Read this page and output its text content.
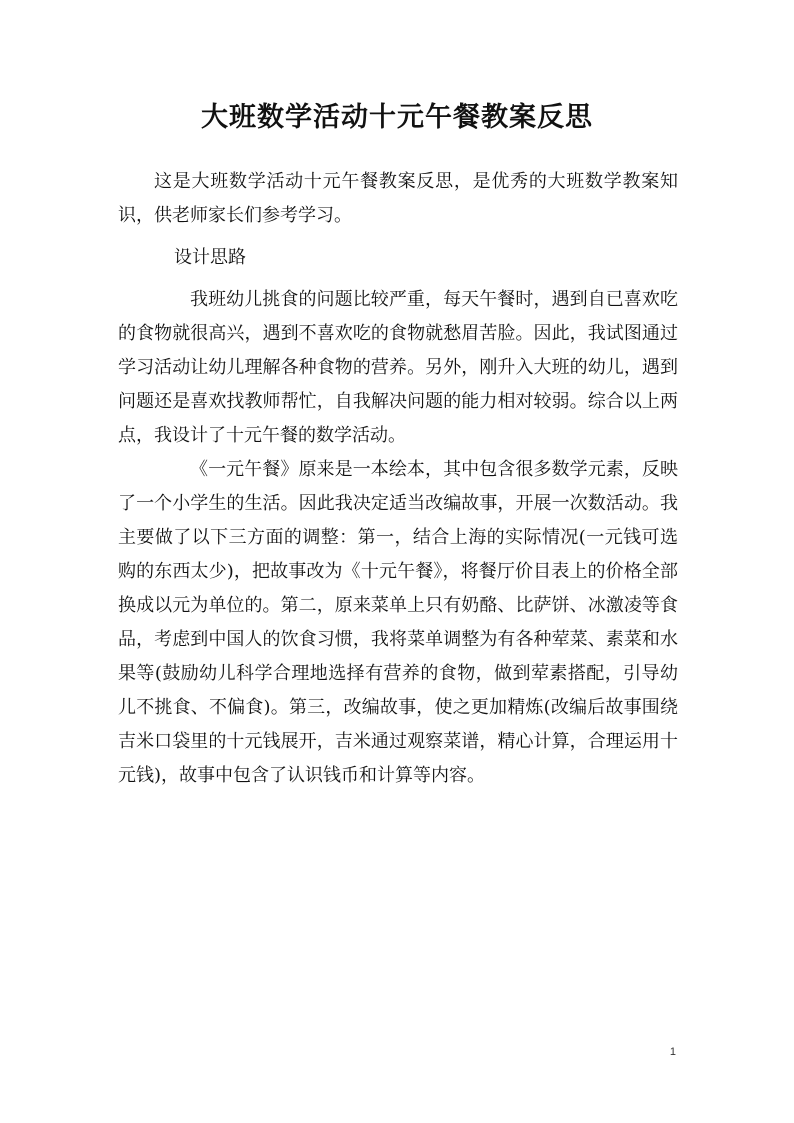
大班数学活动十元午餐教案反思

这是大班数学活动十元午餐教案反思，是优秀的大班数学教案知识，供老师家长们参考学习。

设计思路

我班幼儿挑食的问题比较严重，每天午餐时，遇到自已喜欢吃的食物就很高兴，遇到不喜欢吃的食物就愁眉苦脸。因此，我试图通过学习活动让幼儿理解各种食物的营养。另外，刚升入大班的幼儿，遇到问题还是喜欢找教师帮忙，自我解决问题的能力相对较弱。综合以上两点，我设计了十元午餐的数学活动。

《一元午餐》原来是一本绘本，其中包含很多数学元素，反映了一个小学生的生活。因此我决定适当改编故事，开展一次数活动。我主要做了以下三方面的调整：第一，结合上海的实际情况(一元钱可选购的东西太少)，把故事改为《十元午餐》，将餐厅价目表上的价格全部换成以元为单位的。第二，原来菜单上只有奶酪、比萨饼、冰激凌等食品，考虑到中国人的饮食习惯，我将菜单调整为有各种荤菜、素菜和水果等(鼓励幼儿科学合理地选择有营养的食物，做到荤素搭配，引导幼儿不挑食、不偏食)。第三，改编故事，使之更加精炼(改编后故事围绕吉米口袋里的十元钱展开，吉米通过观察菜谱，精心计算，合理运用十元钱)，故事中包含了认识钱币和计算等内容。

1
